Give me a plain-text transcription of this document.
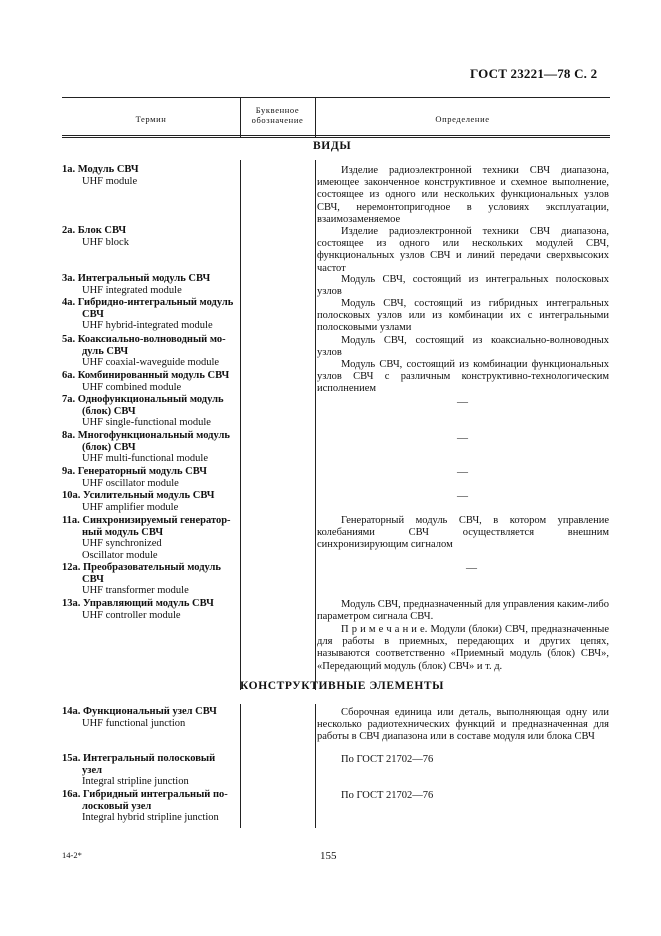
ГОСТ 23221—78 С. 2
Термин
Буквенное
обозначение	Определение
ВИДЫ
1а. Модуль СВЧ
UHF module
2а. Блок СВЧ
UHF block
3а. Интегральный модуль СВЧ
UHF integrated module
4а. Гибридно-интегральный модуль
СВЧ
UHF hybrid-integrated module
5а. Коаксиально-волноводный мо-
дуль СВЧ
UHF coaxial-waveguide module
6а. Комбинированный модуль СВЧ
UHF combined module
7а. Однофункциональный модуль
(блок) СВЧ
UHF single-functional module
8а. Многофункциональный модуль
(блок) СВЧ
UHF multi-functional module
9а. Генераторный модуль СВЧ
UHF oscillator module
10а. Усилительный модуль СВЧ
UHF amplifier module
11а. Синхронизируемый генератор-
ный модуль СВЧ
UHF synchronized
Oscillator module
12а. Преобразовательный модуль
СВЧ
UHF transformer module
13а. Управляющий модуль СВЧ
UHF controller module
Изделие радиоэлектронной техники СВЧ диапазона, имеющее законченное конструктивное и схемное выполнение, состоящее из одного или нескольких функциональных узлов СВЧ, неремонтопригодное в условиях эксплуатации, взаимозаменяемое
Изделие радиоэлектронной техники СВЧ диапазона, состоящее из одного или нескольких модулей СВЧ, функциональных узлов СВЧ и линий передачи сверхвысоких частот
Модуль СВЧ, состоящий из интегральных полосковых узлов
Модуль СВЧ, состоящий из гибридных интегральных полосковых узлов или из комбинации их с интегральными полосковыми узлами
Модуль СВЧ, состоящий из коаксиально-волноводных узлов
Модуль СВЧ, состоящий из комбинации функциональных узлов СВЧ с различным конструктивно-технологическим исполнением
—
—
—
—
Генераторный модуль СВЧ, в котором управление колебаниями СВЧ осуществляется внешним синхронизирующим сигналом
—
Модуль СВЧ, предназначенный для управления каким-либо параметром сигнала СВЧ.
П р и м е ч а н и е. Модули (блоки) СВЧ, предназначенные для работы в приемных, передающих и других цепях, называются соответственно «Приемный модуль (блок) СВЧ», «Передающий модуль (блок) СВЧ» и т. д.
КОНСТРУКТИВНЫЕ ЭЛЕМЕНТЫ
14а. Функциональный узел СВЧ
UHF functional junction
15а. Интегральный полосковый
узел
Integral stripline junction
16а. Гибридный интегральный по-
лосковый узел
Integral hybrid stripline junction
Сборочная единица или деталь, выполняющая одну или несколько радиотехнических функций и предназначенная для работы в СВЧ диапазона или в составе модуля или блока СВЧ
По ГОСТ 21702—76
По ГОСТ 21702—76
14-2*	155
